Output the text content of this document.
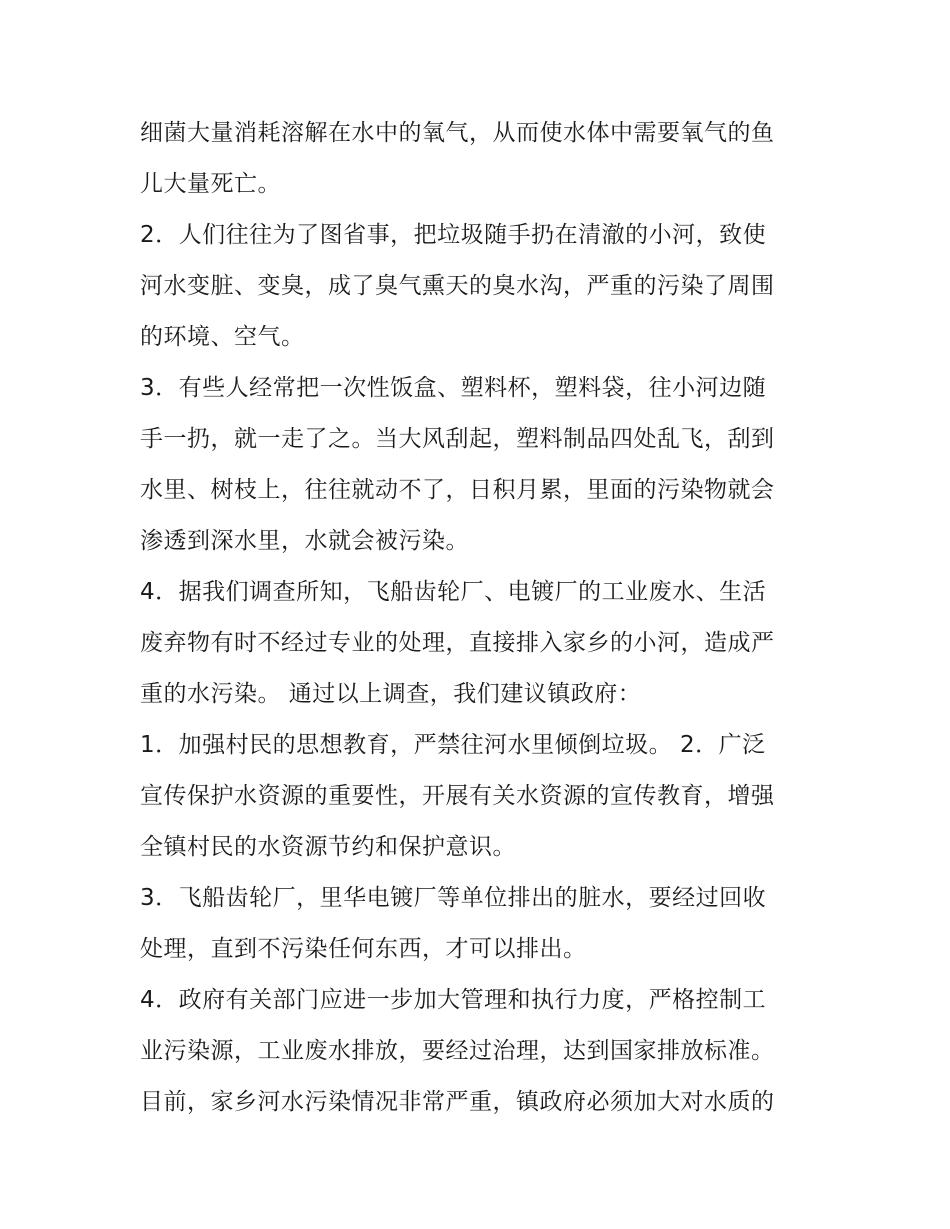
细菌大量消耗溶解在水中的氧气，从而使水体中需要氧气的鱼
儿大量死亡。
2．人们往往为了图省事，把垃圾随手扔在清澈的小河，致使
河水变脏、变臭，成了臭气熏天的臭水沟，严重的污染了周围
的环境、空气。
3．有些人经常把一次性饭盒、塑料杯，塑料袋，往小河边随
手一扔，就一走了之。当大风刮起，塑料制品四处乱飞，刮到
水里、树枝上，往往就动不了，日积月累，里面的污染物就会
渗透到深水里，水就会被污染。
4．据我们调查所知，飞船齿轮厂、电镀厂的工业废水、生活
废弃物有时不经过专业的处理，直接排入家乡的小河，造成严
重的水污染。 通过以上调查，我们建议镇政府：
1．加强村民的思想教育，严禁往河水里倾倒垃圾。 2．广泛
宣传保护水资源的重要性，开展有关水资源的宣传教育，增强
全镇村民的水资源节约和保护意识。
3．飞船齿轮厂，里华电镀厂等单位排出的脏水，要经过回收
处理，直到不污染任何东西，才可以排出。
4．政府有关部门应进一步加大管理和执行力度，严格控制工
业污染源，工业废水排放，要经过治理，达到国家排放标准。
目前，家乡河水污染情况非常严重，镇政府必须加大对水质的
